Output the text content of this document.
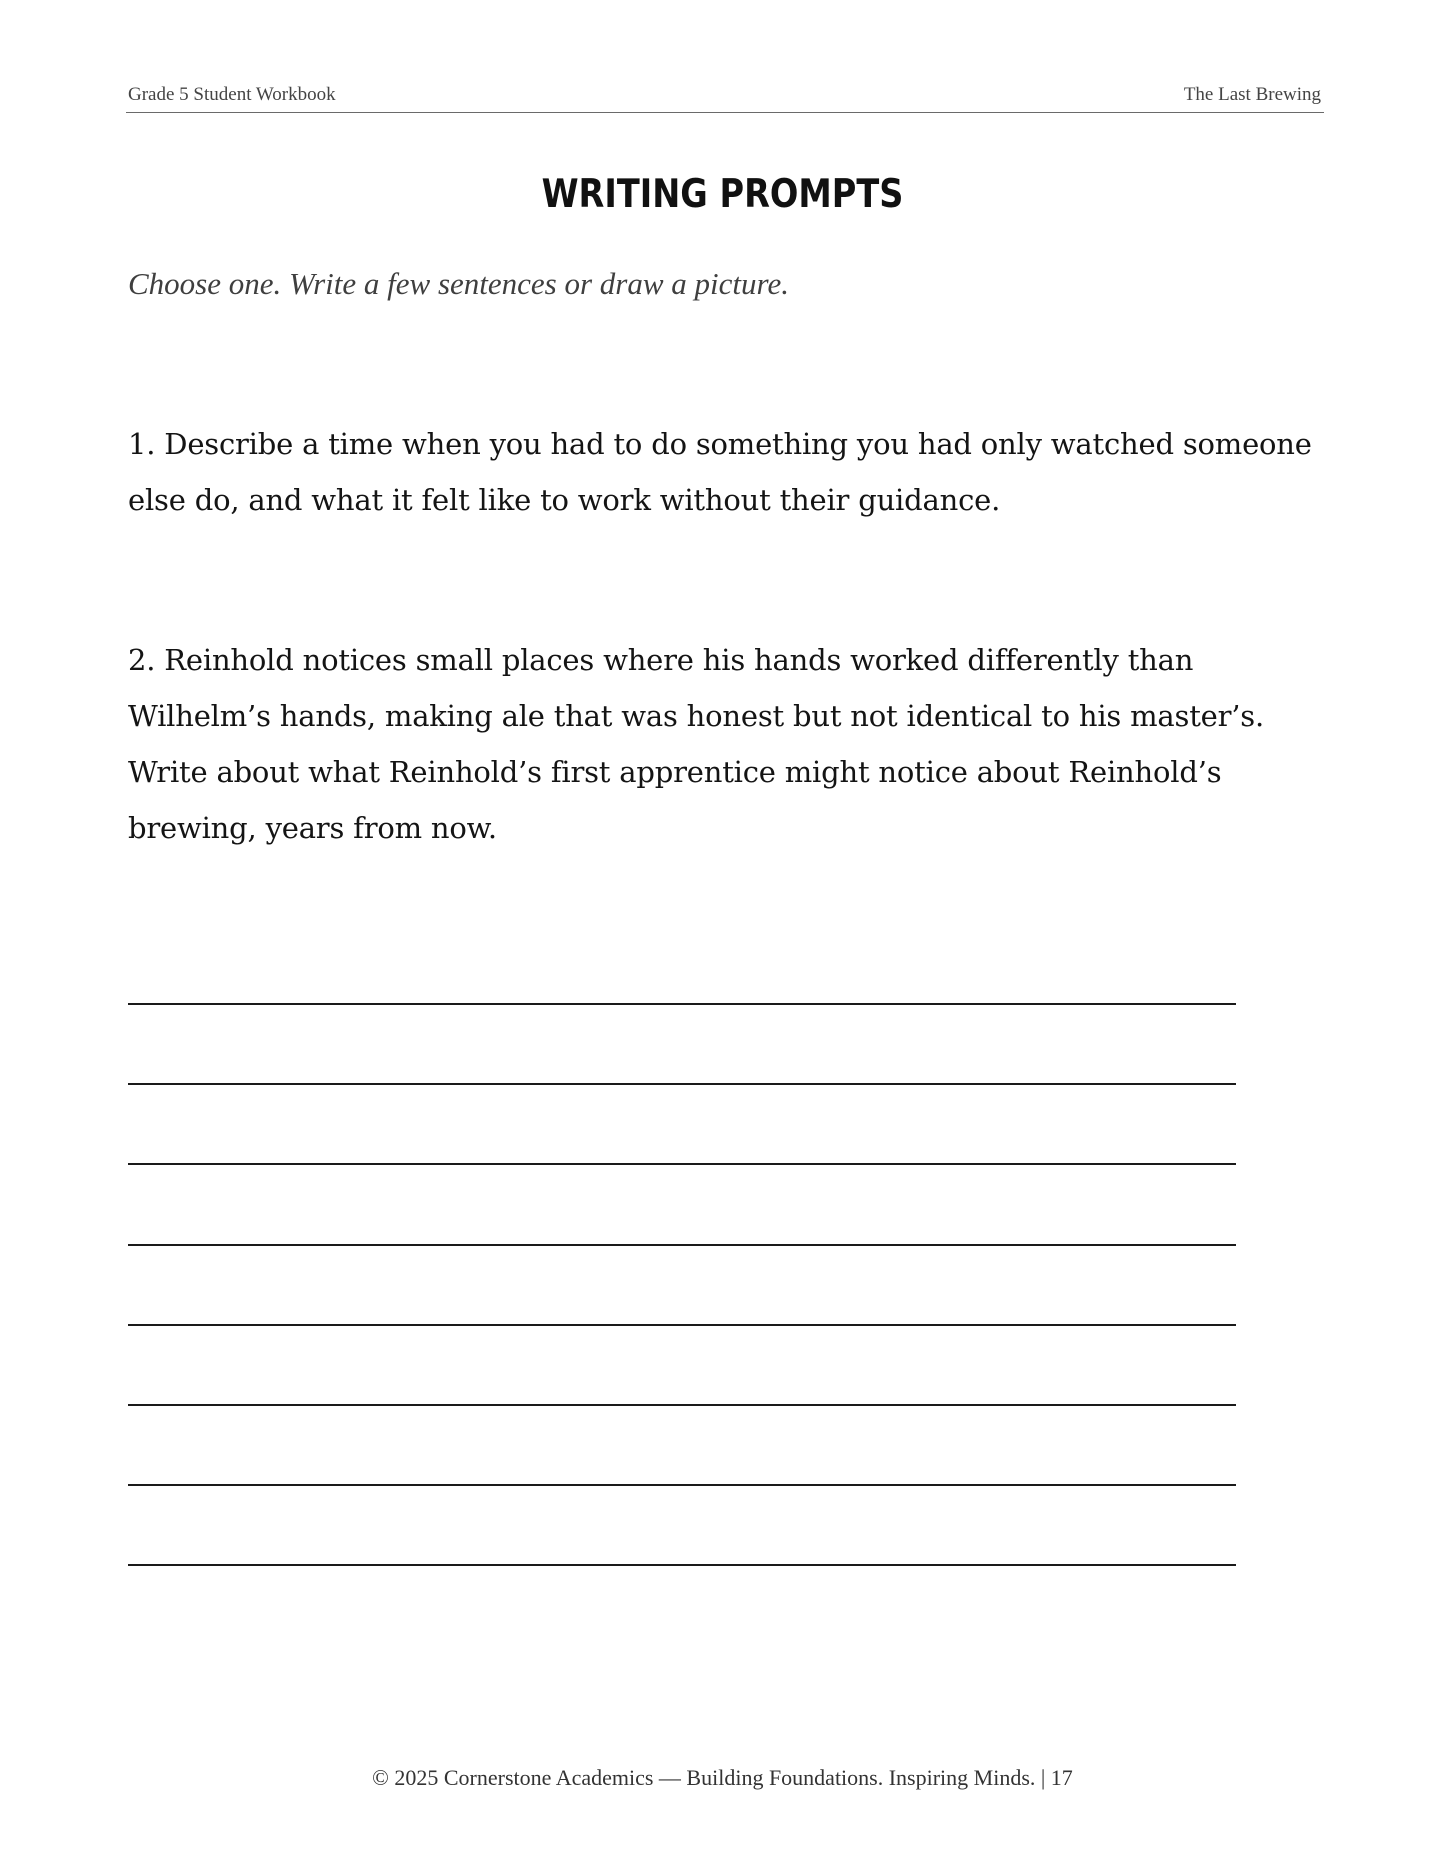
Grade 5 Student Workbook	The Last Brewing
WRITING PROMPTS
Choose one. Write a few sentences or draw a picture.
1. Describe a time when you had to do something you had only watched someone
else do, and what it felt like to work without their guidance.
2. Reinhold notices small places where his hands worked differently than
Wilhelm’s hands, making ale that was honest but not identical to his master’s.
Write about what Reinhold’s first apprentice might notice about Reinhold’s
brewing, years from now.
© 2025 Cornerstone Academics — Building Foundations. Inspiring Minds. | 17
